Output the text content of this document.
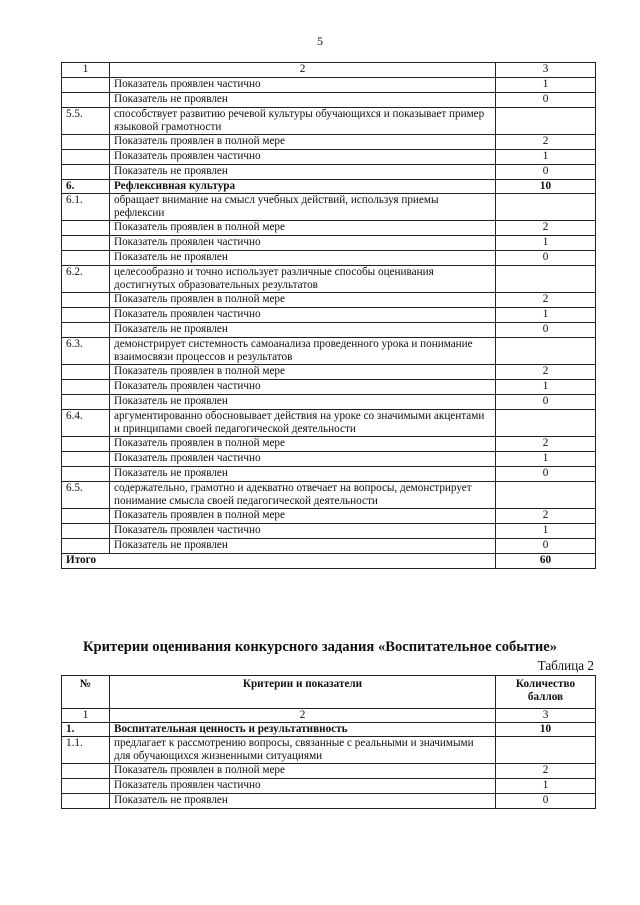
5
1	2	3
	Показатель проявлен частично	1
	Показатель не проявлен	0
5.5.	способствует развитию речевой культуры обучающихся и показывает пример языковой грамотности	
	Показатель проявлен в полной мере	2
	Показатель проявлен частично	1
	Показатель не проявлен	0
6.	Рефлексивная культура	10
6.1.	обращает внимание на смысл учебных действий, используя приемы рефлексии	
	Показатель проявлен в полной мере	2
	Показатель проявлен частично	1
	Показатель не проявлен	0
6.2.	целесообразно и точно использует различные способы оценивания достигнутых образовательных результатов	
	Показатель проявлен в полной мере	2
	Показатель проявлен частично	1
	Показатель не проявлен	0
6.3.	демонстрирует системность самоанализа проведенного урока и понимание взаимосвязи процессов и результатов	
	Показатель проявлен в полной мере	2
	Показатель проявлен частично	1
	Показатель не проявлен	0
6.4.	аргументированно обосновывает действия на уроке со значимыми акцентами и принципами своей педагогической деятельности	
	Показатель проявлен в полной мере	2
	Показатель проявлен частично	1
	Показатель не проявлен	0
6.5.	содержательно, грамотно и адекватно отвечает на вопросы, демонстрирует понимание смысла своей педагогической деятельности	
	Показатель проявлен в полной мере	2
	Показатель проявлен частично	1
	Показатель не проявлен	0
Итого		60
Критерии оценивания конкурсного задания «Воспитательное событие»
Таблица 2
№	Критерии и показатели	Количество баллов
1	2	3
1.	Воспитательная ценность и результативность	10
1.1.	предлагает к рассмотрению вопросы, связанные с реальными и значимыми для обучающихся жизненными ситуациями	
	Показатель проявлен в полной мере	2
	Показатель проявлен частично	1
	Показатель не проявлен	0
